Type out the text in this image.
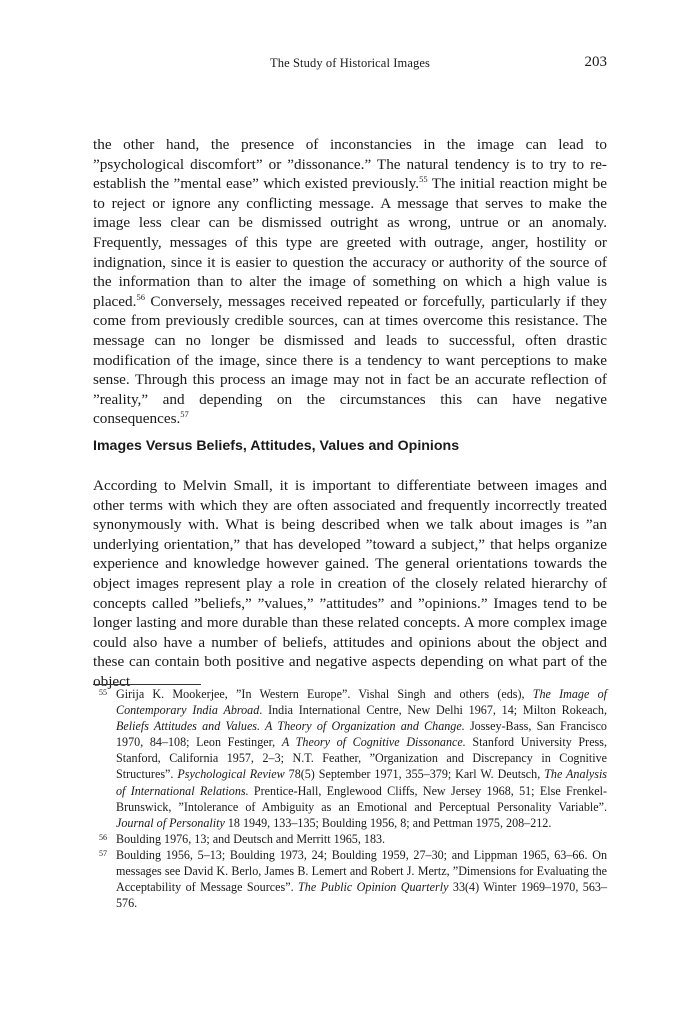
The Study of Historical Images	203

the other hand, the presence of inconstancies in the image can lead to ”psychological discomfort” or ”dissonance.” The natural tendency is to try to re-establish the ”mental ease” which existed previously.$^{55}$ The initial reaction might be to reject or ignore any conflicting message. A message that serves to make the image less clear can be dismissed outright as wrong, untrue or an anomaly. Frequently, messages of this type are greeted with outrage, anger, hostility or indignation, since it is easier to question the accuracy or authority of the source of the information than to alter the image of something on which a high value is placed.$^{56}$ Conversely, messages received repeated or forcefully, particularly if they come from previously credible sources, can at times overcome this resistance. The message can no longer be dismissed and leads to successful, often drastic modification of the image, since there is a tendency to want perceptions to make sense. Through this process an image may not in fact be an accurate reflection of ”reality,” and depending on the circumstances this can have negative consequences.$^{57}$

Images Versus Beliefs, Attitudes, Values and Opinions

According to Melvin Small, it is important to differentiate between images and other terms with which they are often associated and frequently incorrectly treated synonymously with. What is being described when we talk about images is ”an underlying orientation,” that has developed ”toward a subject,” that helps organize experience and knowledge however gained. The general orientations towards the object images represent play a role in creation of the closely related hierarchy of concepts called ”beliefs,” ”values,” ”attitudes” and ”opinions.” Images tend to be longer lasting and more durable than these related concepts. A more complex image could also have a number of beliefs, attitudes and opinions about the object and these can contain both positive and negative aspects depending on what part of the object

55 Girija K. Mookerjee, ”In Western Europe”. Vishal Singh and others (eds), The Image of Contemporary India Abroad. India International Centre, New Delhi 1967, 14; Milton Rokeach, Beliefs Attitudes and Values. A Theory of Organization and Change. Jossey-Bass, San Francisco 1970, 84–108; Leon Festinger, A Theory of Cognitive Dissonance. Stanford University Press, Stanford, California 1957, 2–3; N.T. Feather, ”Organization and Discrepancy in Cognitive Structures”. Psychological Review 78(5) September 1971, 355–379; Karl W. Deutsch, The Analysis of International Relations. Prentice-Hall, Englewood Cliffs, New Jersey 1968, 51; Else Frenkel-Brunswick, ”Intolerance of Ambiguity as an Emotional and Perceptual Personality Variable”. Journal of Personality 18 1949, 133–135; Boulding 1956, 8; and Pettman 1975, 208–212.
56 Boulding 1976, 13; and Deutsch and Merritt 1965, 183.
57 Boulding 1956, 5–13; Boulding 1973, 24; Boulding 1959, 27–30; and Lippman 1965, 63–66. On messages see David K. Berlo, James B. Lemert and Robert J. Mertz, ”Dimensions for Evaluating the Acceptability of Message Sources”. The Public Opinion Quarterly 33(4) Winter 1969–1970, 563–576.
